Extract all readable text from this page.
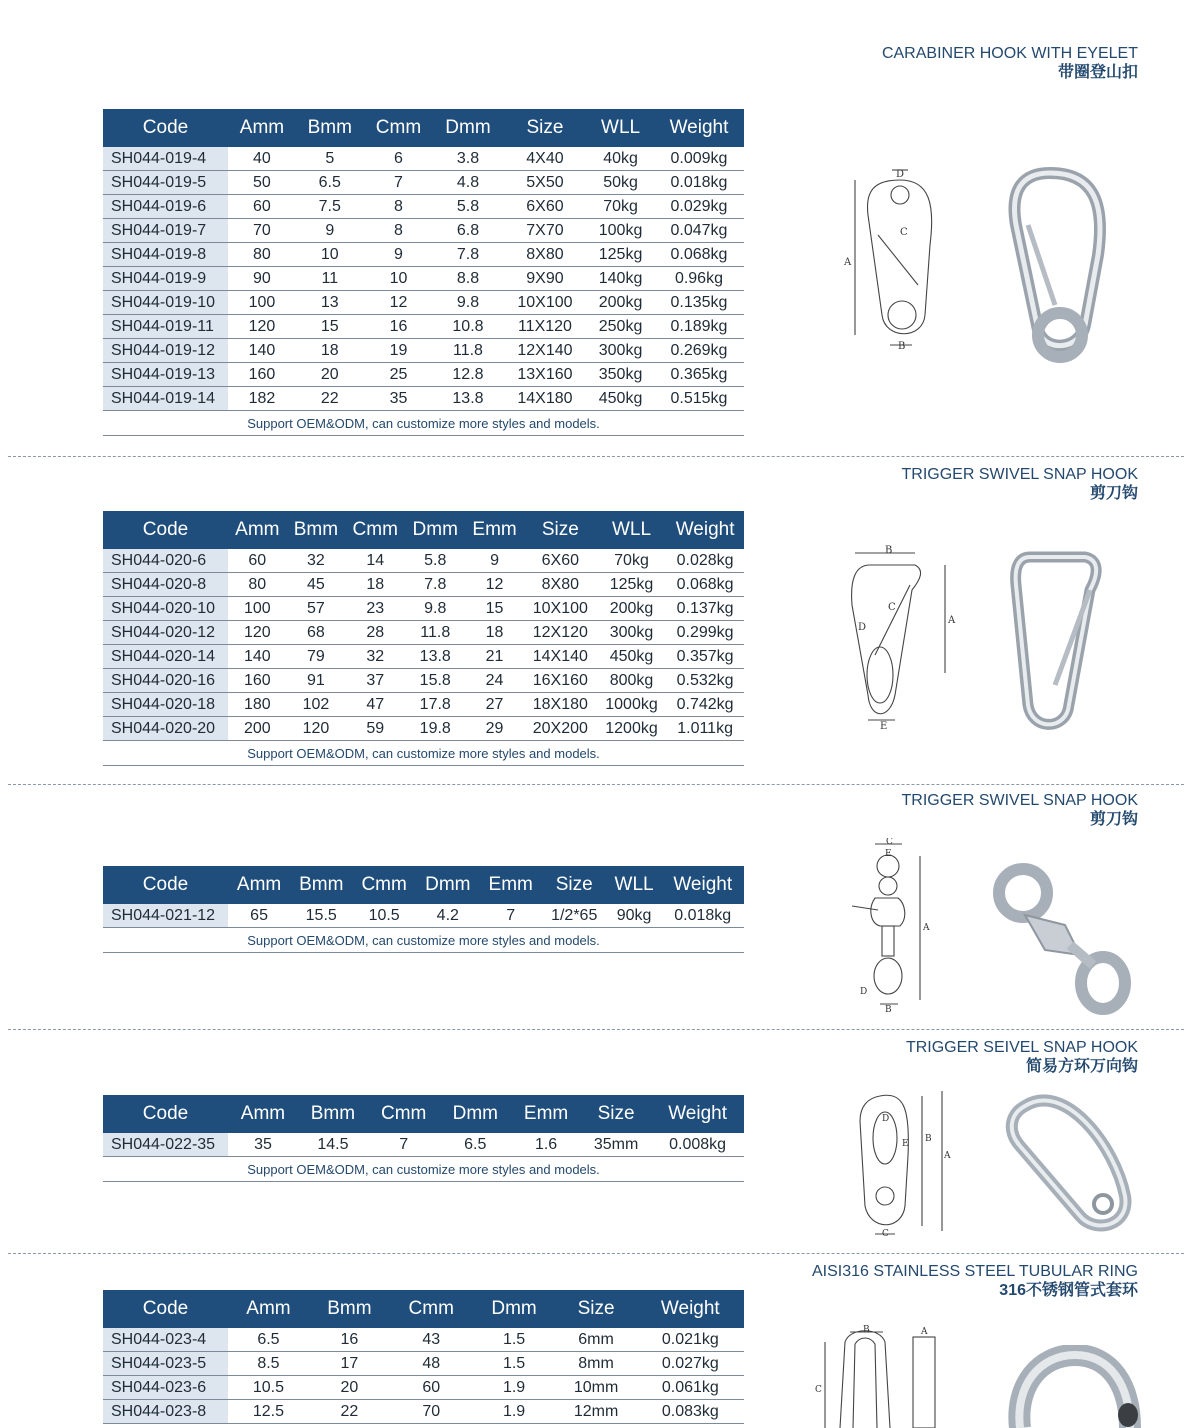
CARABINER HOOK WITH EYELET
带圈登山扣
Code	Amm	Bmm	Cmm	Dmm	Size	WLL	Weight
SH044-019-4	40	5	6	3.8	4X40	40kg	0.009kg
SH044-019-5	50	6.5	7	4.8	5X50	50kg	0.018kg
SH044-019-6	60	7.5	8	5.8	6X60	70kg	0.029kg
SH044-019-7	70	9	8	6.8	7X70	100kg	0.047kg
SH044-019-8	80	10	9	7.8	8X80	125kg	0.068kg
SH044-019-9	90	11	10	8.8	9X90	140kg	0.96kg
SH044-019-10	100	13	12	9.8	10X100	200kg	0.135kg
SH044-019-11	120	15	16	10.8	11X120	250kg	0.189kg
SH044-019-12	140	18	19	11.8	12X140	300kg	0.269kg
SH044-019-13	160	20	25	12.8	13X160	350kg	0.365kg
SH044-019-14	182	22	35	13.8	14X180	450kg	0.515kg
Support OEM&ODM, can customize more styles and models.							
D
A
B
C
TRIGGER SWIVEL SNAP HOOK
剪刀钩
Code	Amm	Bmm	Cmm	Dmm	Emm	Size	WLL	Weight
SH044-020-6	60	32	14	5.8	9	6X60	70kg	0.028kg
SH044-020-8	80	45	18	7.8	12	8X80	125kg	0.068kg
SH044-020-10	100	57	23	9.8	15	10X100	200kg	0.137kg
SH044-020-12	120	68	28	11.8	18	12X120	300kg	0.299kg
SH044-020-14	140	79	32	13.8	21	14X140	450kg	0.357kg
SH044-020-16	160	91	37	15.8	24	16X160	800kg	0.532kg
SH044-020-18	180	102	47	17.8	27	18X180	1000kg	0.742kg
SH044-020-20	200	120	59	19.8	29	20X200	1200kg	1.011kg
Support OEM&ODM, can customize more styles and models.								
B
A
D
C
E
TRIGGER SWIVEL SNAP HOOK
剪刀钩
Code	Amm	Bmm	Cmm	Dmm	Emm	Size	WLL	Weight
SH044-021-12	65	15.5	10.5	4.2	7	1/2*65	90kg	0.018kg
Support OEM&ODM, can customize more styles and models.								
C
E
A
D
B
TRIGGER SEIVEL SNAP HOOK
简易方环万向钩
Code	Amm	Bmm	Cmm	Dmm	Emm	Size	Weight
SH044-022-35	35	14.5	7	6.5	1.6	35mm	0.008kg
Support OEM&ODM, can customize more styles and models.							
D
E B
A
C
AISI316 STAINLESS STEEL TUBULAR RING
316不锈钢管式套环
Code	Amm	Bmm	Cmm	Dmm	Size	Weight
SH044-023-4	6.5	16	43	1.5	6mm	0.021kg
SH044-023-5	8.5	17	48	1.5	8mm	0.027kg
SH044-023-6	10.5	20	60	1.9	10mm	0.061kg
SH044-023-8	12.5	22	70	1.9	12mm	0.083kg
B	A
C
